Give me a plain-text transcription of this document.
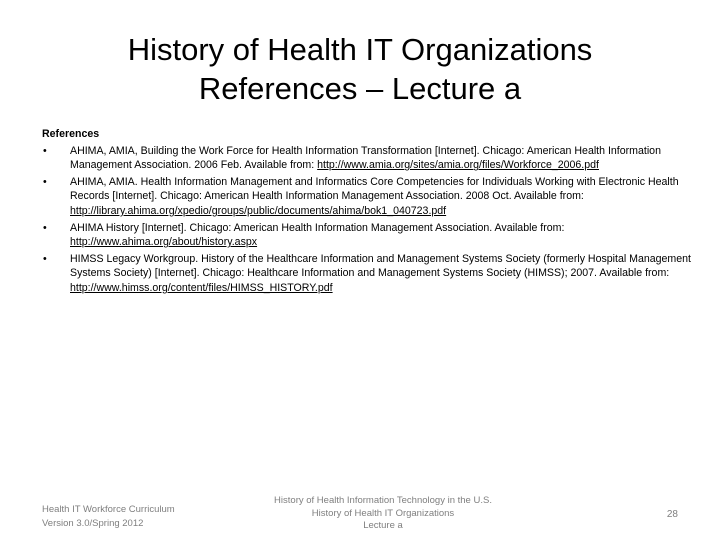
History of Health IT Organizations
References – Lecture a
References
• AHIMA, AMIA, Building the Work Force for Health Information Transformation [Internet]. Chicago: American Health Information Management Association. 2006 Feb. Available from: http://www.amia.org/sites/amia.org/files/Workforce_2006.pdf
• AHIMA, AMIA. Health Information Management and Informatics Core Competencies for Individuals Working with Electronic Health Records [Internet]. Chicago: American Health Information Management Association. 2008 Oct. Available from: http://library.ahima.org/xpedio/groups/public/documents/ahima/bok1_040723.pdf
• AHIMA History [Internet]. Chicago: American Health Information Management Association. Available from: http://www.ahima.org/about/history.aspx
• HIMSS Legacy Workgroup. History of the Healthcare Information and Management Systems Society (formerly Hospital Management Systems Society) [Internet]. Chicago: Healthcare Information and Management Systems Society (HIMSS); 2007. Available from: http://www.himss.org/content/files/HIMSS_HISTORY.pdf
Health IT Workforce Curriculum
Version 3.0/Spring 2012
History of Health Information Technology in the U.S.
History of Health IT Organizations
Lecture a
28
